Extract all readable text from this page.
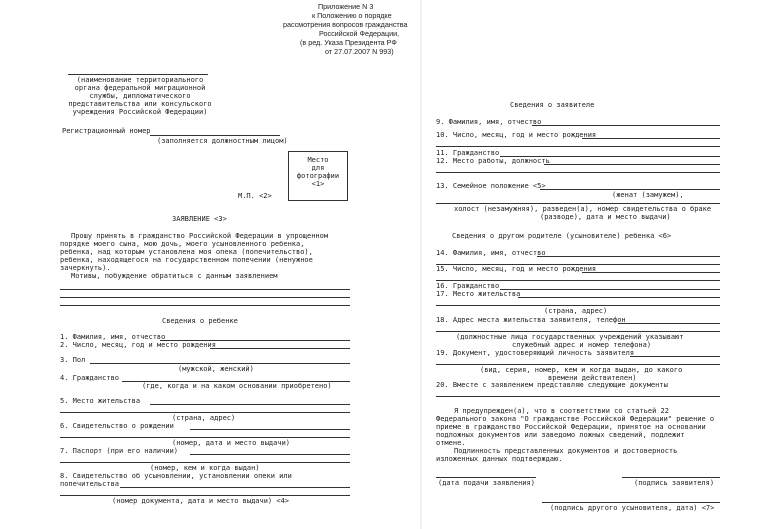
Приложение N 3
к Положению о порядке
рассмотрения вопросов гражданства
Российской Федерации,
(в ред. Указа Президента РФ
от 27.07.2007 N 993)
(наименование территориального
органа федеральной миграционной
службы, дипломатического
представительства или консульского
учреждения Российской Федерации)
Регистрационный номер
(заполняется должностным лицом)
Место
для
фотографии
<1>
М.П. <2>
ЗАЯВЛЕНИЕ <3>
Прошу принять в гражданство Российской Федерации в упрощенном
порядке моего сына, мою дочь, моего усыновленного ребенка,
ребенка, над которым установлена моя опека (попечительство),
ребенка, находящегося на государственном попечении (ненужное
зачеркнуть).
Мотивы, побуждение обратиться с данным заявлением
Сведения о ребенке
1. Фамилия, имя, отчество
2. Число, месяц, год и место рождения
3. Пол
(мужской, женский)
4. Гражданство
(где, когда и на каком основании приобретено)
5. Место жительства
(страна, адрес)
6. Свидетельство о рождении
(номер, дата и место выдачи)
7. Паспорт (при его наличии)
(номер, кем и когда выдан)
8. Свидетельство об усыновлении, установлении опеки или
попечительства
(номер документа, дата и место выдачи) <4>
Сведения о заявителе
9. Фамилия, имя, отчество
10. Число, месяц, год и место рождения
11. Гражданство
12. Место работы, должность
13. Семейное положение <5>
(женат (замужем),
холост (незамужняя), разведен(а), номер свидетельства о браке
(разводе), дата и место выдачи)
Сведения о другом родителе (усыновителе) ребенка <6>
14. Фамилия, имя, отчество
15. Число, месяц, год и место рождения
16. Гражданство
17. Место жительства
(страна, адрес)
18. Адрес места жительства заявителя, телефон
(должностные лица государственных учреждений указывают
служебный адрес и номер телефона)
19. Документ, удостоверяющий личность заявителя
(вид, серия, номер, кем и когда выдан, до какого
времени действителен)
20. Вместе с заявлением представляю следующие документы
Я предупрежден(а), что в соответствии со статьей 22
Федерального закона "О гражданстве Российской Федерации" решение о
приеме в гражданство Российской Федерации, принятое на основании
подложных документов или заведомо ложных сведений, подлежит
отмене.
Подлинность представленных документов и достоверность
изложенных данных подтверждаю.
(дата подачи заявления)	(подпись заявителя)
(подпись другого усыновителя, дата) <7>
